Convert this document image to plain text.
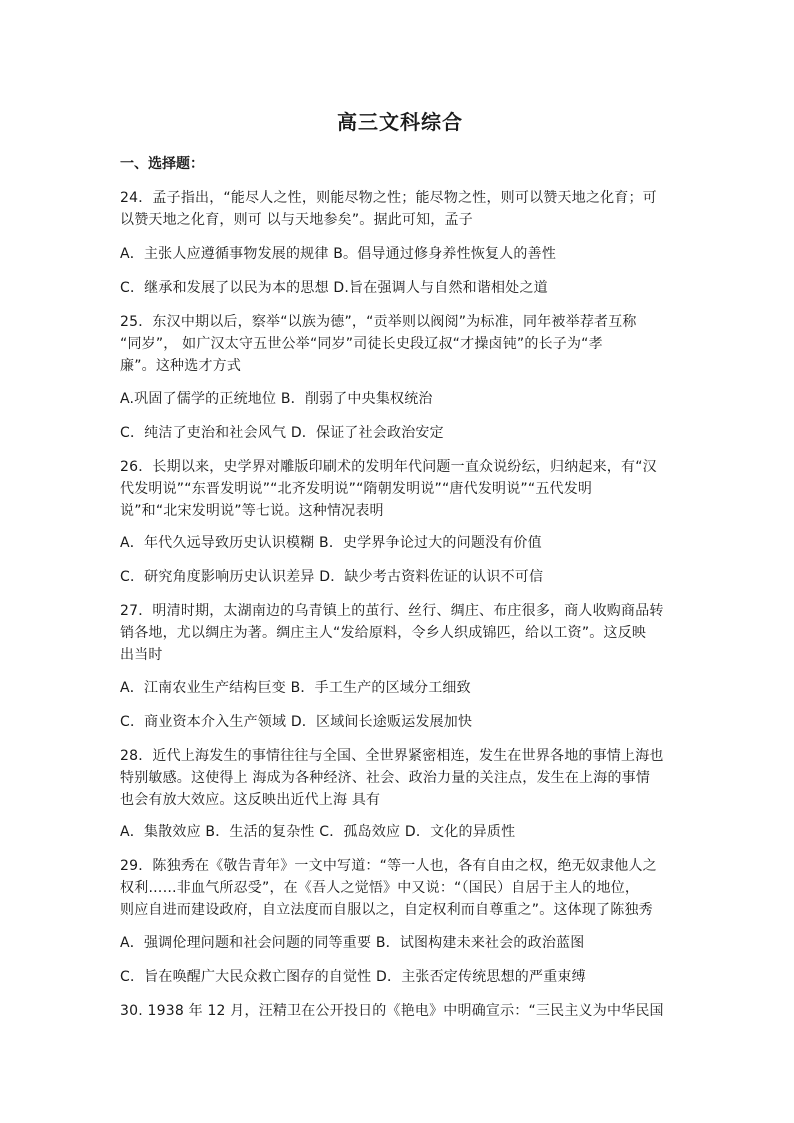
高三文科综合
一、选择题：
24．孟子指出，“能尽人之性，则能尽物之性；能尽物之性，则可以赞天地之化育；可
以赞天地之化育，则可 以与天地参矣”。据此可知，孟子
A．主张人应遵循事物发展的规律 B。倡导通过修身养性恢复人的善性
C．继承和发展了以民为本的思想 D.旨在强调人与自然和谐相处之道
25．东汉中期以后，察举“以族为德”，“贡举则以阀阅”为标准，同年被举荐者互称
“同岁”， 如广汉太守五世公举“同岁”司徒长史段辽叔“才操卤钝”的长子为“孝
廉”。这种选才方式
A.巩固了儒学的正统地位 B．削弱了中央集权统治
C．纯洁了吏治和社会风气 D．保证了社会政治安定
26．长期以来，史学界对雕版印刷术的发明年代问题一直众说纷纭，归纳起来，有“汉
代发明说”“东晋发明说”“北齐发明说”“隋朝发明说”“唐代发明说”“五代发明
说”和“北宋发明说”等七说。这种情况表明
A．年代久远导致历史认识模糊 B．史学界争论过大的问题没有价值
C．研究角度影响历史认识差异 D．缺少考古资料佐证的认识不可信
27．明清时期，太湖南边的乌青镇上的茧行、丝行、绸庄、布庄很多，商人收购商品转
销各地，尤以绸庄为著。绸庄主人“发给原料，令乡人织成锦匹，给以工资”。这反映
出当时
A．江南农业生产结构巨变 B．手工生产的区域分工细致
C．商业资本介入生产领域 D．区域间长途贩运发展加快
28．近代上海发生的事情往往与全国、全世界紧密相连，发生在世界各地的事情上海也
特别敏感。这使得上 海成为各种经济、社会、政治力量的关注点，发生在上海的事情
也会有放大效应。这反映出近代上海 具有
A．集散效应 B．生活的复杂性 C．孤岛效应 D．文化的异质性
29．陈独秀在《敬告青年》一文中写道：“等一人也，各有自由之权，绝无奴隶他人之
权利……非血气所忍受”，在《吾人之觉悟》中又说：“（国民）自居于主人的地位，
则应自进而建设政府，自立法度而自服以之，自定权利而自尊重之”。这体现了陈独秀
A．强调伦理问题和社会问题的同等重要 B．试图构建未来社会的政治蓝图
C．旨在唤醒广大民众救亡图存的自觉性 D．主张否定传统思想的严重束缚
30. 1938 年 12 月，汪精卫在公开投日的《艳电》中明确宣示：“三民主义为中华民国
